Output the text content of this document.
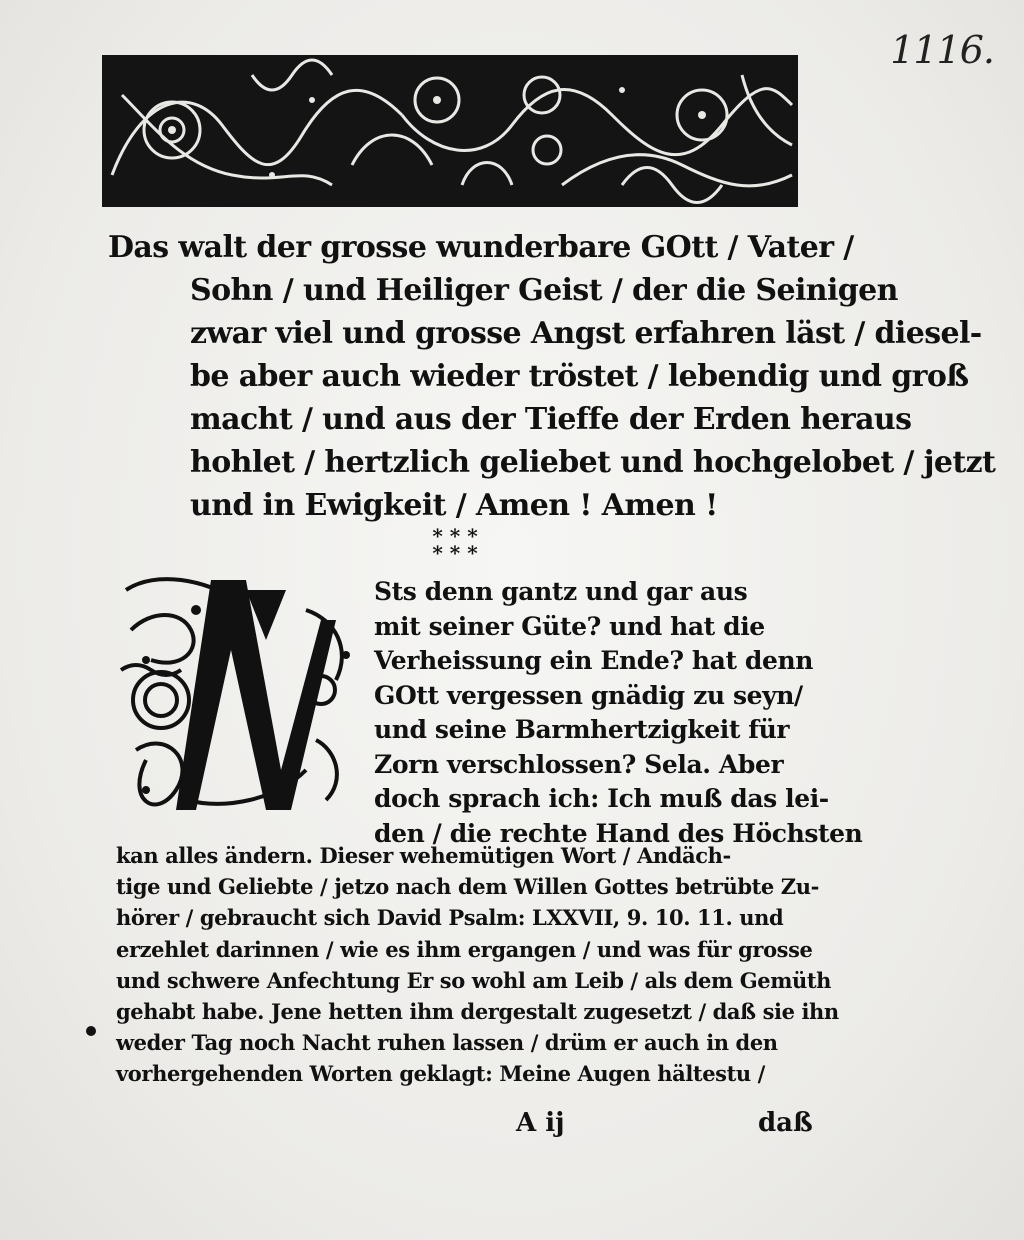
1116.
Das walt der grosse wunderbare GOtt / Vater /
Sohn / und Heiliger Geist / der die Seinigen
zwar viel und grosse Angst erfahren läst / diesel-
be aber auch wieder tröstet / lebendig und groß
macht / und aus der Tieffe der Erden heraus
hohlet / hertzlich geliebet und hochgelobet / jetzt
und in Ewigkeit / Amen ! Amen !
* * *
* * *
Sts denn gantz und gar aus
mit seiner Güte? und hat die
Verheissung ein Ende? hat denn
GOtt vergessen gnädig zu seyn/
und seine Barmhertzigkeit für
Zorn verschlossen? Sela. Aber
doch sprach ich: Ich muß das lei-
den / die rechte Hand des Höchsten
kan alles ändern. Dieser wehemütigen Wort / Andäch-
tige und Geliebte / jetzo nach dem Willen Gottes betrübte Zu-
hörer / gebraucht sich David Psalm: LXXVII, 9. 10. 11. und
erzehlet darinnen / wie es ihm ergangen / und was für grosse
und schwere Anfechtung Er so wohl am Leib / als dem Gemüth
gehabt habe. Jene hetten ihm dergestalt zugesetzt / daß sie ihn
weder Tag noch Nacht ruhen lassen / drüm er auch in den
vorhergehenden Worten geklagt: Meine Augen hältestu /
A ij	daß
